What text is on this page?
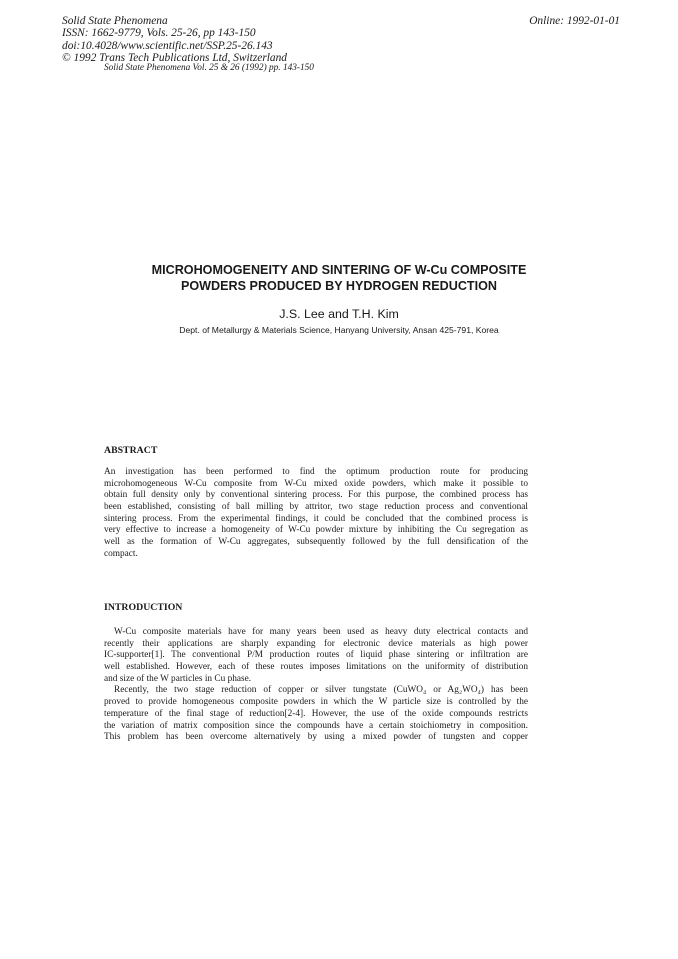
Solid State Phenomena
ISSN: 1662-9779, Vols. 25-26, pp 143-150
doi:10.4028/www.scientific.net/SSP.25-26.143
© 1992 Trans Tech Publications Ltd, Switzerland
Online: 1992-01-01
Solid State Phenomena Vol. 25 & 26 (1992) pp. 143-150
MICROHOMOGENEITY AND SINTERING OF W-Cu COMPOSITE
POWDERS PRODUCED BY HYDROGEN REDUCTION
J.S. Lee and T.H. Kim
Dept. of Metallurgy & Materials Science, Hanyang University, Ansan 425-791, Korea
ABSTRACT
An investigation has been performed to find the optimum production route for producing
microhomogeneous W-Cu composite from W-Cu mixed oxide powders, which make it possible to
obtain full density only by conventional sintering process. For this purpose, the combined process has
been established, consisting of ball milling by attritor, two stage reduction process and conventional
sintering process. From the experimental findings, it could be concluded that the combined process is
very effective to increase a homogeneity of W-Cu powder mixture by inhibiting the Cu segregation as
well as the formation of W-Cu aggregates, subsequently followed by the full densification of the
compact.
INTRODUCTION
W-Cu composite materials have for many years been used as heavy duty electrical contacts and
recently their applications are sharply expanding for electronic device materials as high power
IC-supporter[1]. The conventional P/M production routes of liquid phase sintering or infiltration are
well established. However, each of these routes imposes limitations on the uniformity of distribution
and size of the W particles in Cu phase.
Recently, the two stage reduction of copper or silver tungstate (CuWO₄ or Ag₂WO₄) has been
proved to provide homogeneous composite powders in which the W particle size is controlled by the
temperature of the final stage of reduction[2-4]. However, the use of the oxide compounds restricts
the variation of matrix composition since the compounds have a certain stoichiometry in composition.
This problem has been overcome alternatively by using a mixed powder of tungsten and copper
